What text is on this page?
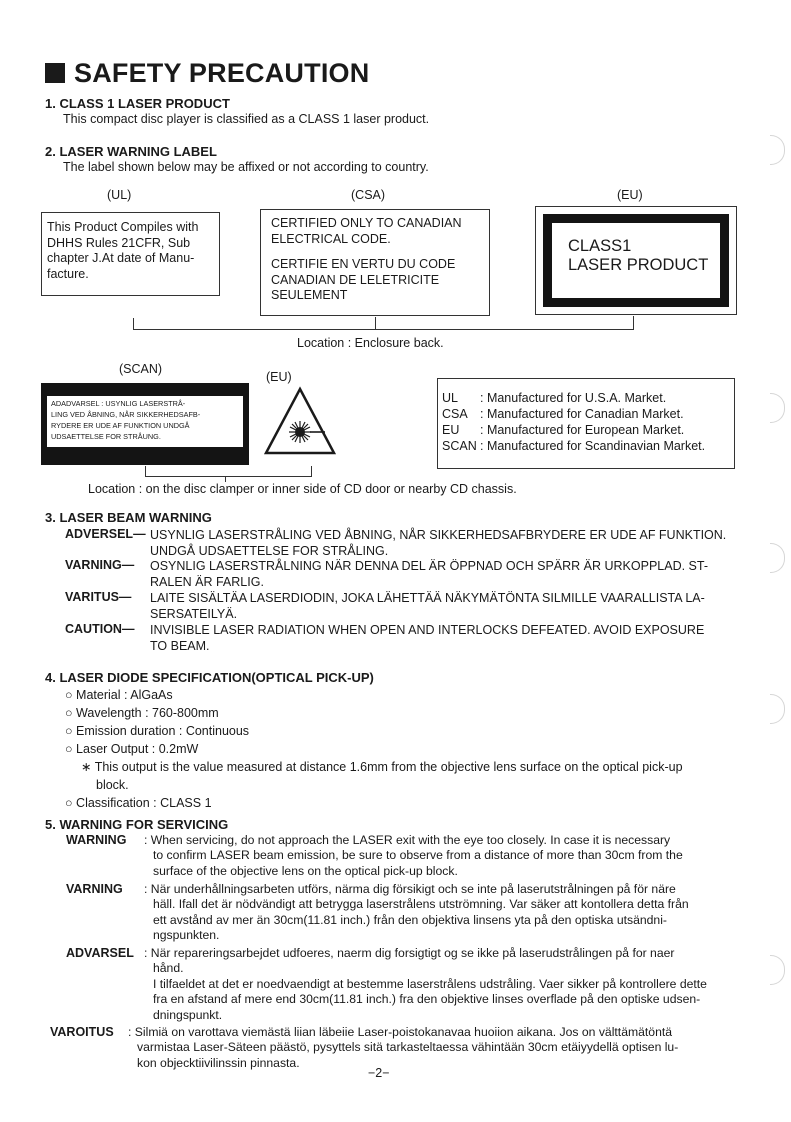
SAFETY PRECAUTION
1. CLASS 1 LASER PRODUCT
This compact disc player is classified as a CLASS 1 laser product.
2. LASER WARNING LABEL
The label shown below may be affixed or not according to country.
(UL)	(CSA)	(EU)
This Product Compiles with
DHHS Rules 21CFR, Sub
chapter J.At date of Manu-
facture.
CERTIFIED ONLY TO CANADIAN
ELECTRICAL CODE.
CERTIFIE EN VERTU DU CODE
CANADIAN DE LELETRICITE
SEULEMENT
CLASS1
LASER PRODUCT
Location : Enclosure back.
(SCAN)
(EU)
ADADVARSEL : USYNLIG LASERSTRÅ-
LING VED ÅBNING, NÅR SIKKERHEDSAFB-
RYDERE ER UDE AF FUNKTION UNDGÅ
UDSAETTELSE FOR STRÅUNG.
UL : Manufactured for U.S.A. Market.
CSA : Manufactured for Canadian Market.
EU : Manufactured for European Market.
SCAN : Manufactured for Scandinavian Market.
Location : on the disc clamper or inner side of CD door or nearby CD chassis.
3. LASER BEAM WARNING
ADVERSEL— USYNLIG LASERSTRÅLING VED ÅBNING, NÅR SIKKERHEDSAFBRYDERE ER UDE AF FUNKTION.
UNDGÅ UDSAETTELSE FOR STRÅLING.
VARNING— OSYNLIG LASERSTRÅLNING NÄR DENNA DEL ÄR ÖPPNAD OCH SPÄRR ÄR URKOPPLAD. ST-
RALEN ÄR FARLIG.
VARITUS— LAITE SISÄLTÄA LASERDIODIN, JOKA LÄHETTÄÄ NÄKYMÄTÖNTA SILMILLE VAARALLISTA LA-
SERSATEILYÄ.
CAUTION— INVISIBLE LASER RADIATION WHEN OPEN AND INTERLOCKS DEFEATED. AVOID EXPOSURE
TO BEAM.
4. LASER DIODE SPECIFICATION(OPTICAL PICK-UP)
○ Material : AlGaAs
○ Wavelength : 760-800mm
○ Emission duration : Continuous
○ Laser Output : 0.2mW
∗ This output is the value measured at distance 1.6mm from the objective lens surface on the optical pick-up
block.
○ Classification : CLASS 1
5. WARNING FOR SERVICING
WARNING : When servicing, do not approach the LASER exit with the eye too closely. In case it is necessary
to confirm LASER beam emission, be sure to observe from a distance of more than 30cm from the
surface of the objective lens on the optical pick-up block.
VARNING : När underhållningsarbeten utförs, närma dig försikigt och se inte på laserutstrålningen på för näre
häll. Ifall det är nödvändigt att betrygga laserstrålens utströmning. Var säker att kontollera detta från
ett avstånd av mer än 30cm(11.81 inch.) från den objektiva linsens yta på den optiska utsändni-
ngspunkten.
ADVARSEL : När repareringsarbejdet udfoeres, naerm dig forsigtigt og se ikke på laserudstrålingen på for naer
hånd.
I tilfaeldet at det er noedvaendigt at bestemme laserstrålens udstråling. Vaer sikker på kontrollere dette
fra en afstand af mere end 30cm(11.81 inch.) fra den objektive linses overflade på den optiske udsen-
dningspunkt.
VAROITUS : Silmiä on varottava viemästä liian läbeiie Laser-poistokanavaa huoiion aikana. Jos on välttämätöntä
varmistaa Laser-Säteen päästö, pysyttels sitä tarkasteltaessa vähintään 30cm etäiyydellä optisen lu-
kon objecktiivilinssin pinnasta.
−2−
